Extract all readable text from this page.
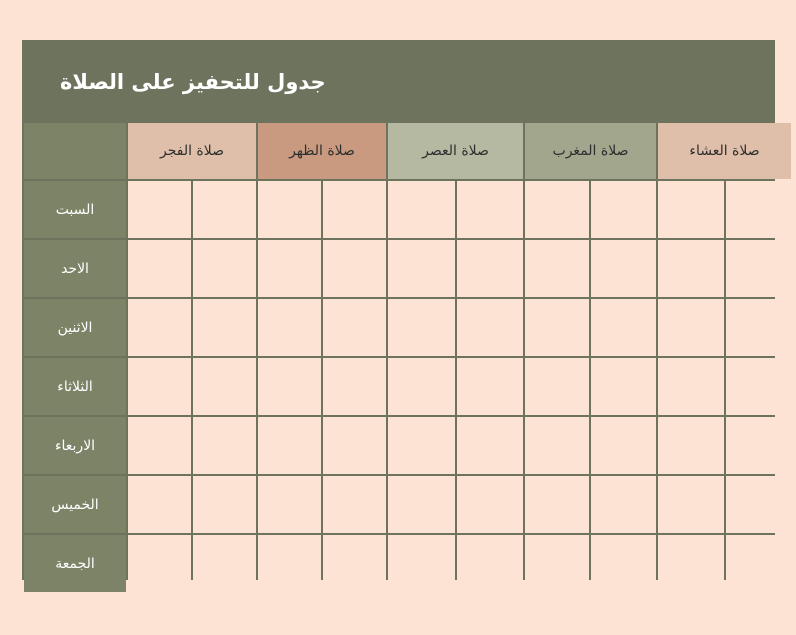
جدول للتحفيز على الصلاة
صلاة الفجر	صلاة الظهر	صلاة العصر	صلاة المغرب	صلاة العشاء
السبت
الاحد
الاثنين
الثلاثاء
الاربعاء
الخميس
الجمعة
